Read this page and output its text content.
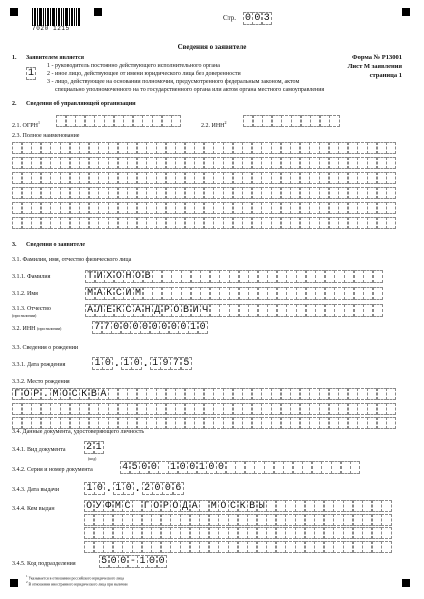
7020 1215
Стр. 0 0 3
Сведения о заявителе
Форма № Р13001
Лист М заявления
страница 1
1. Заявителем является
1
1 - руководитель постоянно действующего исполнительного органа
2 - иное лицо, действующее от имени юридического лица без доверенности
3 - лицо, действующее на основании полномочия, предусмотренного федеральным законом, актом
специально уполномоченного на то государственного органа или актом органа местного самоуправления
2. Сведения об управляющей организации
2.1. ОГРН$^1$
2.2. ИНН$^2$
2.3. Полное наименование
3. Сведения о заявителе
3.1. Фамилия, имя, отчество физического лица
3.1.1. Фамилия	Т И Х О Н О В
3.1.2. Имя	М А К С И М
3.1.3. Отчество
(при наличии)	А Л Е К С А Н Д Р О В И Ч
3.2. ИНН (при наличии)	7 7 0 0 0 0 0 0 0 0 1 0
3.3. Сведения о рождении
3.3.1. Дата рождения	1 0 . 1 0 . 1 9 7 5
3.3.2. Место рождения
Г О Р . М О С К В А
3.4. Данные документа, удостоверяющего личность
3.4.1. Вид документа 2 1
(код)
3.4.2. Серия и номер документа	4 5 0 0 1 0 0 1 0 0
3.4.3. Дата выдачи	1 0 . 1 0 . 2 0 0 6
3.4.4. Кем выдан	О У Ф М С Г О Р О Д А М О С К В Ы
3.4.5. Код подразделения	5 0 0 - 1 0 0
$^1$ Указывается в отношении российского юридического лица
$^2$ В отношении иностранного юридического лица при наличии
